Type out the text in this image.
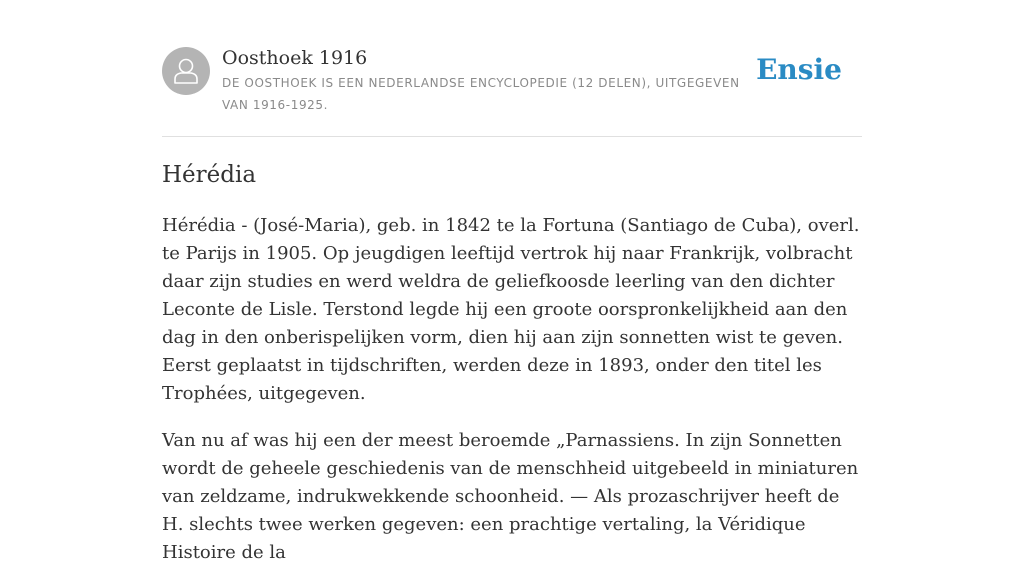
Oosthoek 1916
DE OOSTHOEK IS EEN NEDERLANDSE ENCYCLOPEDIE (12 DELEN), UITGEGEVEN VAN 1916-1925.
Ensie
Hérédia

Hérédia - (José-Maria), geb. in 1842 te la Fortuna (Santiago de Cuba), overl. te Parijs in 1905. Op jeugdigen leeftijd vertrok hij naar Frankrijk, volbracht daar zijn studies en werd weldra de geliefkoosde leerling van den dichter Leconte de Lisle. Terstond legde hij een groote oorspronkelijkheid aan den dag in den onberispelijken vorm, dien hij aan zijn sonnetten wist te geven. Eerst geplaatst in tijdschriften, werden deze in 1893, onder den titel les Trophées, uitgegeven.

Van nu af was hij een der meest beroemde „Parnassiens. In zijn Sonnetten wordt de geheele geschiedenis van de menschheid uitgebeeld in miniaturen van zeldzame, indrukwekkende schoonheid. — Als prozaschrijver heeft de H. slechts twee werken gegeven: een prachtige vertaling, la Véridique Histoire de la
